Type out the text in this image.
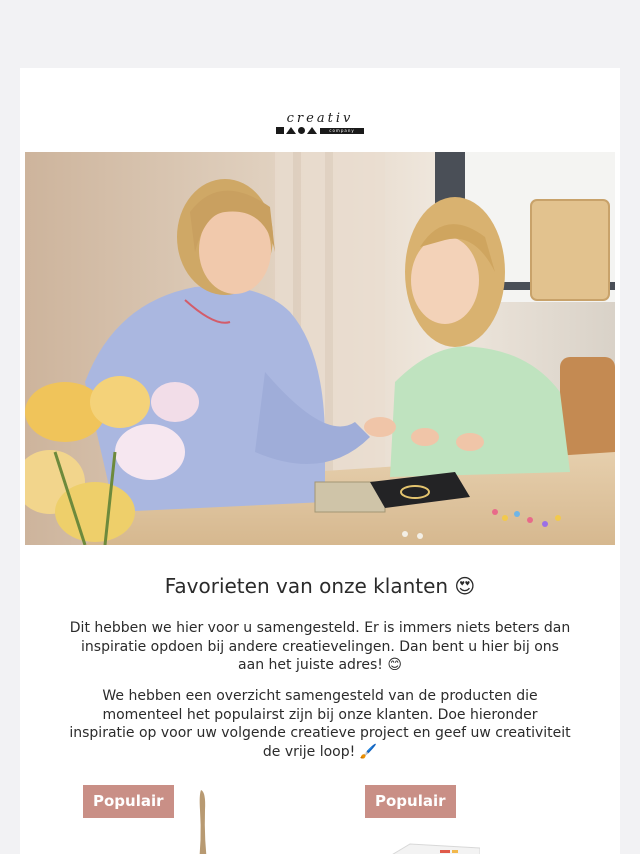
creativ
company
Favorieten van onze klanten 😍
Dit hebben we hier voor u samengesteld. Er is immers niets beters dan inspiratie opdoen bij andere creatievelingen. Dan bent u hier bij ons aan het juiste adres! 😊
We hebben een overzicht samengesteld van de producten die momenteel het populairst zijn bij onze klanten. Doe hieronder inspiratie op voor uw volgende creatieve project en geef uw creativiteit de vrije loop! 🖌️
Populair	Populair
